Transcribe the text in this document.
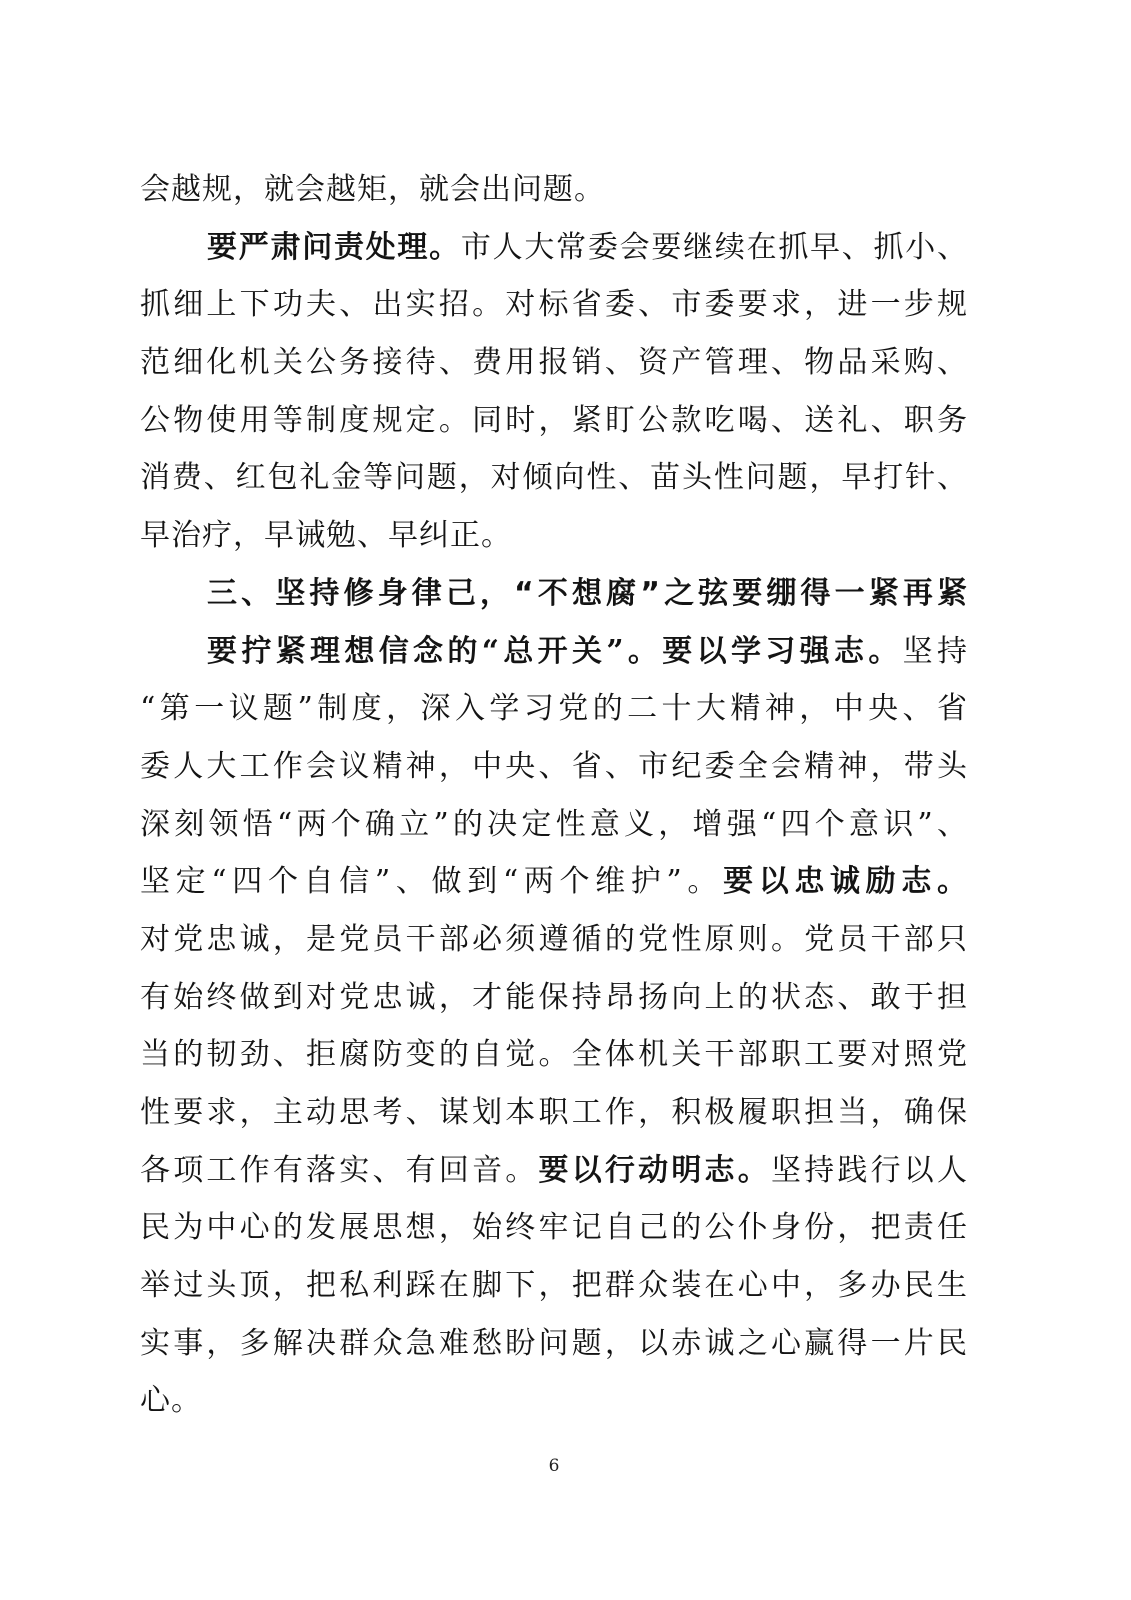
会越规，就会越矩，就会出问题。
要严肃问责处理。市人大常委会要继续在抓早、抓小、
抓细上下功夫、出实招。对标省委、市委要求，进一步规
范细化机关公务接待、费用报销、资产管理、物品采购、
公物使用等制度规定。同时，紧盯公款吃喝、送礼、职务
消费、红包礼金等问题，对倾向性、苗头性问题，早打针、
早治疗，早诫勉、早纠正。
三、坚持修身律己，“不想腐”之弦要绷得一紧再紧
要拧紧理想信念的“总开关”。要以学习强志。坚持
“第一议题”制度，深入学习党的二十大精神，中央、省
委人大工作会议精神，中央、省、市纪委全会精神，带头
深刻领悟“两个确立”的决定性意义，增强“四个意识”、
坚定“四个自信”、做到“两个维护”。要以忠诚励志。
对党忠诚，是党员干部必须遵循的党性原则。党员干部只
有始终做到对党忠诚，才能保持昂扬向上的状态、敢于担
当的韧劲、拒腐防变的自觉。全体机关干部职工要对照党
性要求，主动思考、谋划本职工作，积极履职担当，确保
各项工作有落实、有回音。要以行动明志。坚持践行以人
民为中心的发展思想，始终牢记自己的公仆身份，把责任
举过头顶，把私利踩在脚下，把群众装在心中，多办民生
实事，多解决群众急难愁盼问题，以赤诚之心赢得一片民
心。
6
